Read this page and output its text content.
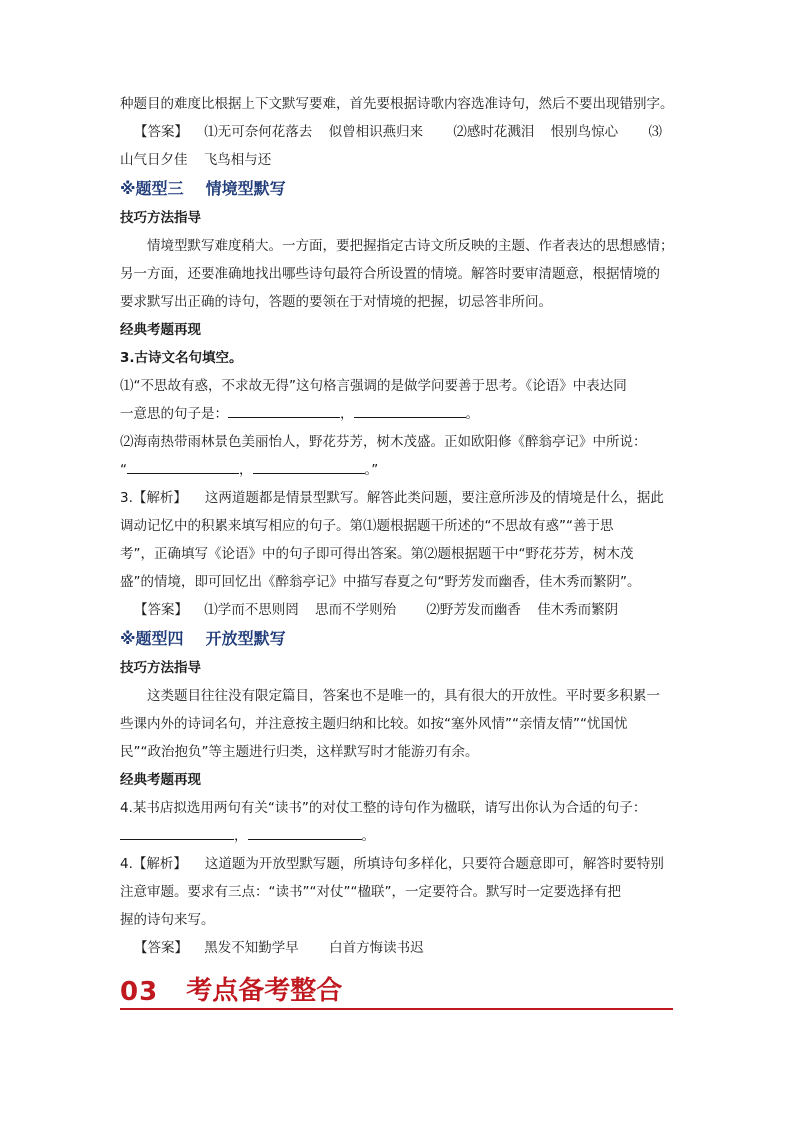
种题目的难度比根据上下文默写要难，首先要根据诗歌内容选准诗句，然后不要出现错别字。
【答案】 ⑴无可奈何花落去 似曾相识燕归来 ⑵感时花溅泪 恨别鸟惊心 ⑶
山气日夕佳 飞鸟相与还
※题型三 情境型默写
技巧方法指导
情境型默写难度稍大。一方面，要把握指定古诗文所反映的主题、作者表达的思想感情；
另一方面，还要准确地找出哪些诗句最符合所设置的情境。解答时要审清题意，根据情境的
要求默写出正确的诗句，答题的要领在于对情境的把握，切忌答非所问。
经典考题再现
3.古诗文名句填空。
⑴“不思故有惑，不求故无得”这句格言强调的是做学问要善于思考。《论语》中表达同
一意思的句子是：	，	。
⑵海南热带雨林景色美丽怡人，野花芬芳，树木茂盛。正如欧阳修《醉翁亭记》中所说：
“	，	。”
3.【解析】 这两道题都是情景型默写。解答此类问题，要注意所涉及的情境是什么，据此
调动记忆中的积累来填写相应的句子。第⑴题根据题干所述的“不思故有惑”“善于思
考”，正确填写《论语》中的句子即可得出答案。第⑵题根据题干中“野花芬芳，树木茂
盛”的情境，即可回忆出《醉翁亭记》中描写春夏之句“野芳发而幽香，佳木秀而繁阴”。
【答案】 ⑴学而不思则罔 思而不学则殆 ⑵野芳发而幽香 佳木秀而繁阴
※题型四 开放型默写
技巧方法指导
这类题目往往没有限定篇目，答案也不是唯一的，具有很大的开放性。平时要多积累一
些课内外的诗词名句，并注意按主题归纳和比较。如按“塞外风情”“亲情友情”“忧国忧
民”“政治抱负”等主题进行归类，这样默写时才能游刃有余。
经典考题再现
4.某书店拟选用两句有关“读书”的对仗工整的诗句作为楹联，请写出你认为合适的句子：
，	。
4.【解析】 这道题为开放型默写题，所填诗句多样化，只要符合题意即可，解答时要特别
注意审题。要求有三点：“读书”“对仗”“楹联”，一定要符合。默写时一定要选择有把
握的诗句来写。
【答案】 黑发不知勤学早 白首方悔读书迟
03 考点备考整合
